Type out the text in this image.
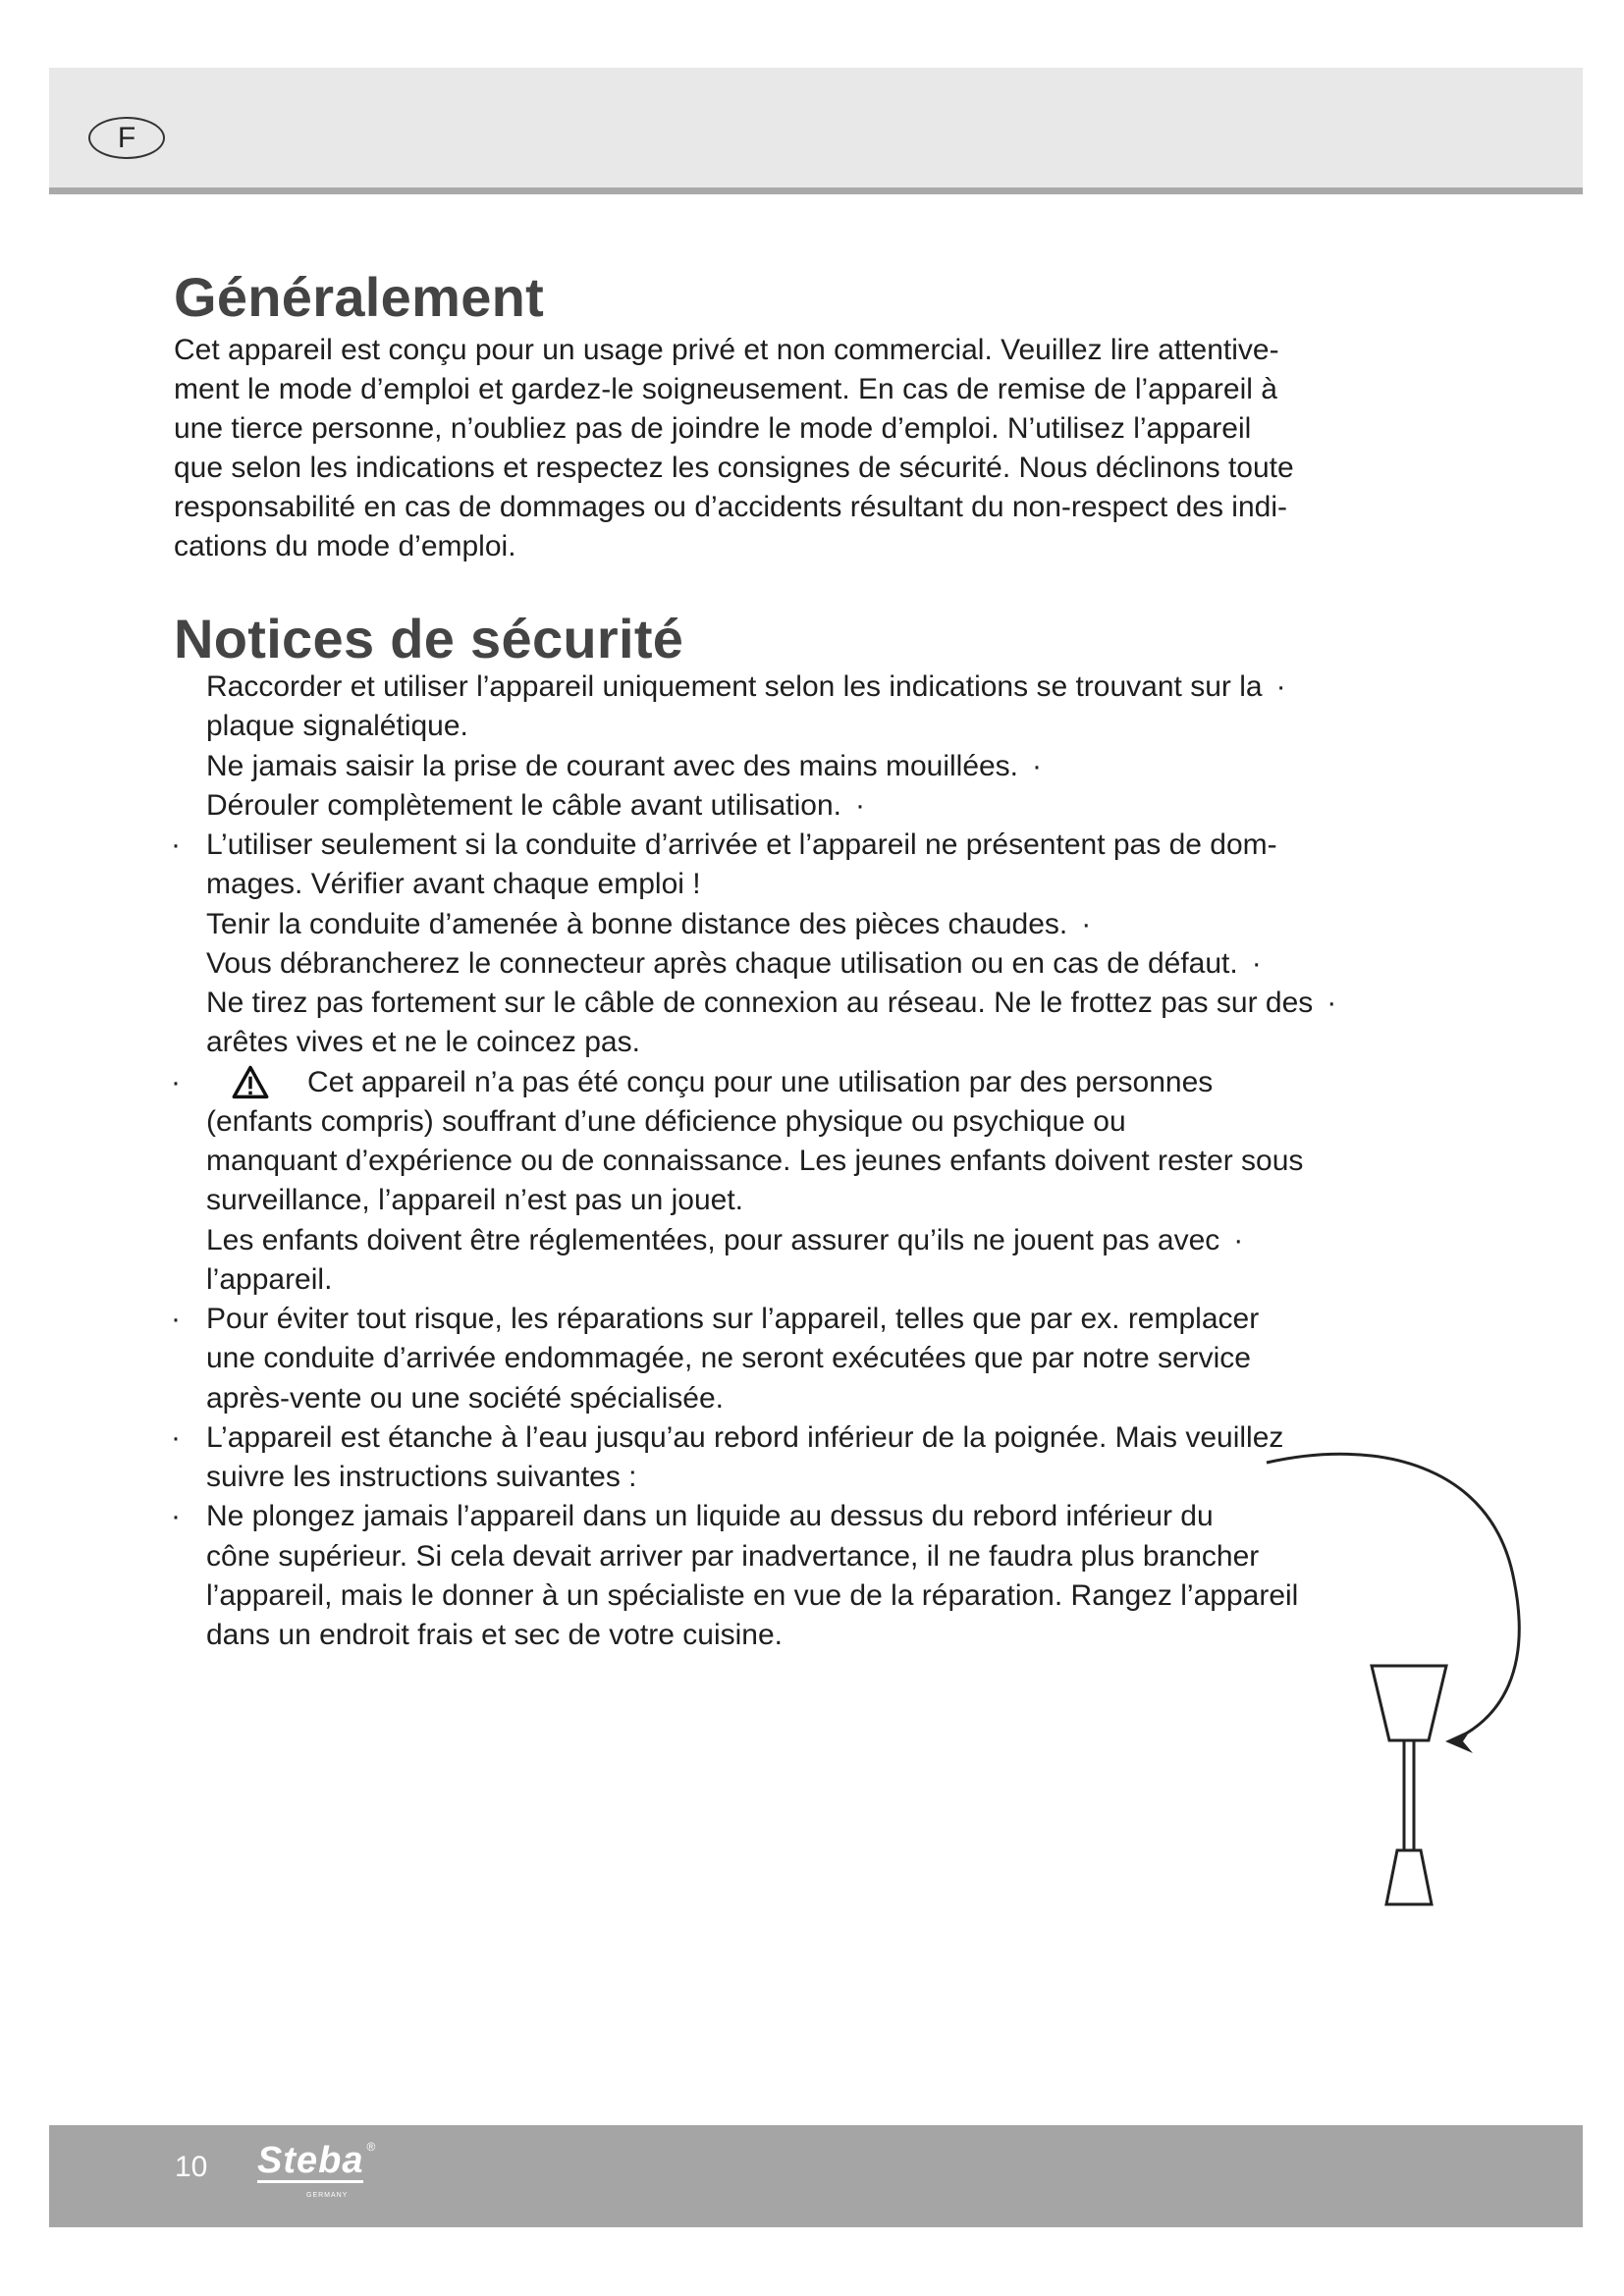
F
Généralement
Cet appareil est conçu pour un usage privé et non commercial. Veuillez lire attentive-
ment le mode d’emploi et gardez-le soigneusement. En cas de remise de l’appareil à
une tierce personne, n’oubliez pas de joindre le mode d’emploi. N’utilisez l’appareil
que selon les indications et respectez les consignes de sécurité. Nous déclinons toute
responsabilité en cas de dommages ou d’accidents résultant du non-respect des indi-
cations du mode d’emploi.
Notices de sécurité
Raccorder et utiliser l’appareil uniquement selon les indications se trouvant sur la ·
plaque signalétique.
Ne jamais saisir la prise de courant avec des mains mouillées. ·
Dérouler complètement le câble avant utilisation. ·
· L’utiliser seulement si la conduite d’arrivée et l’appareil ne présentent pas de dom-
mages. Vérifier avant chaque emploi !
Tenir la conduite d’amenée à bonne distance des pièces chaudes. ·
Vous débrancherez le connecteur après chaque utilisation ou en cas de défaut. ·
Ne tirez pas fortement sur le câble de connexion au réseau. Ne le frottez pas sur des ·
arêtes vives et ne le coincez pas.
·	Cet appareil n’a pas été conçu pour une utilisation par des personnes
(enfants compris) souffrant d’une déficience physique ou psychique ou
manquant d’expérience ou de connaissance. Les jeunes enfants doivent rester sous
surveillance, l’appareil n’est pas un jouet.
Les enfants doivent être réglementées, pour assurer qu’ils ne jouent pas avec ·
l’appareil.
· Pour éviter tout risque, les réparations sur l’appareil, telles que par ex. remplacer
une conduite d’arrivée endommagée, ne seront exécutées que par notre service
après-vente ou une société spécialisée.
· L’appareil est étanche à l’eau jusqu’au rebord inférieur de la poignée. Mais veuillez
suivre les instructions suivantes :
· Ne plongez jamais l’appareil dans un liquide au dessus du rebord inférieur du
cône supérieur. Si cela devait arriver par inadvertance, il ne faudra plus brancher
l’appareil, mais le donner à un spécialiste en vue de la réparation. Rangez l’appareil
dans un endroit frais et sec de votre cuisine.
10 Steba ®
GERMANY
